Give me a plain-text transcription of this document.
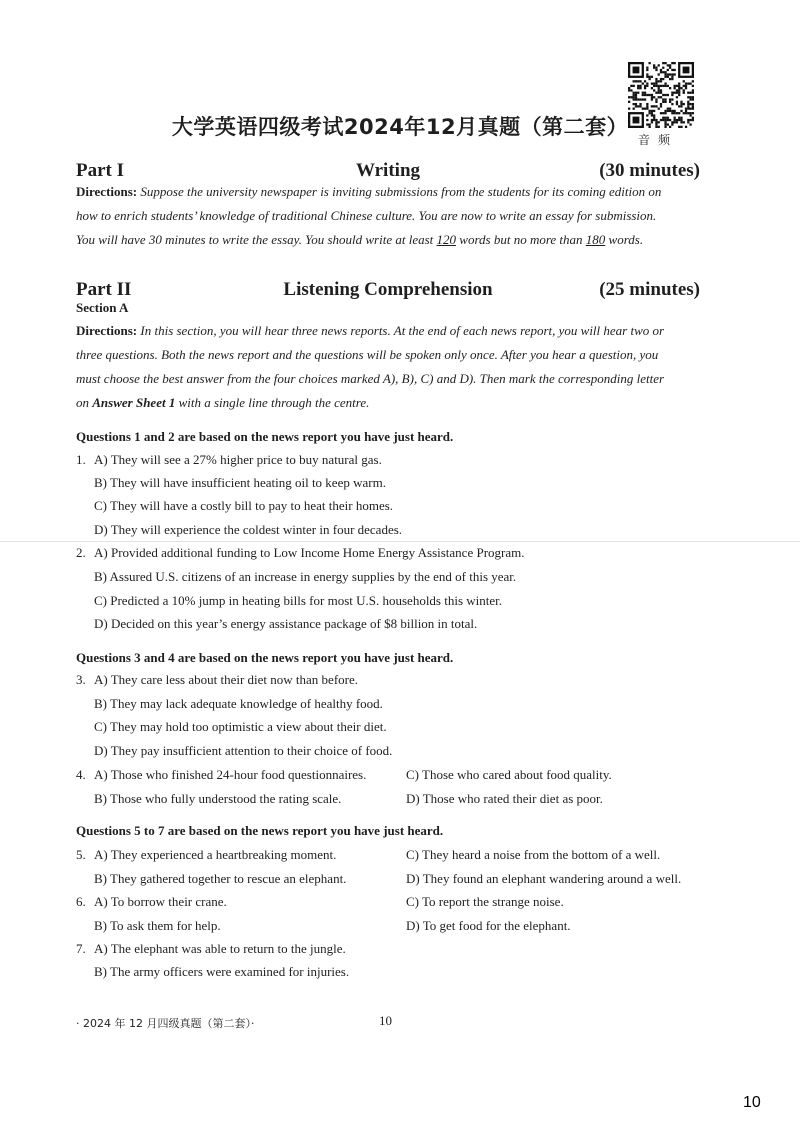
大学英语四级考试2024年12月真题（第二套）
音频
Writing
Part I	(30 minutes)
Directions: Suppose the university newspaper is inviting submissions from the students for its coming edition on
how to enrich students’ knowledge of traditional Chinese culture. You are now to write an essay for submission.
You will have 30 minutes to write the essay. You should write at least 120 words but no more than 180 words.
Listening Comprehension
Part II	(25 minutes)
Section A
Directions: In this section, you will hear three news reports. At the end of each news report, you will hear two or
three questions. Both the news report and the questions will be spoken only once. After you hear a question, you
must choose the best answer from the four choices marked A), B), C) and D). Then mark the corresponding letter
on Answer Sheet 1 with a single line through the centre.
Questions 1 and 2 are based on the news report you have just heard.
1. A) They will see a 27% higher price to buy natural gas.
B) They will have insufficient heating oil to keep warm.
C) They will have a costly bill to pay to heat their homes.
D) They will experience the coldest winter in four decades.
2. A) Provided additional funding to Low Income Home Energy Assistance Program.
B) Assured U.S. citizens of an increase in energy supplies by the end of this year.
C) Predicted a 10% jump in heating bills for most U.S. households this winter.
D) Decided on this year’s energy assistance package of $8 billion in total.
Questions 3 and 4 are based on the news report you have just heard.
3. A) They care less about their diet now than before.
B) They may lack adequate knowledge of healthy food.
C) They may hold too optimistic a view about their diet.
D) They pay insufficient attention to their choice of food.
4. A) Those who finished 24-hour food questionnaires.
B) Those who fully understood the rating scale.
C) Those who cared about food quality.
D) Those who rated their diet as poor.
Questions 5 to 7 are based on the news report you have just heard.
5. A) They experienced a heartbreaking moment.
B) They gathered together to rescue an elephant.
C) They heard a noise from the bottom of a well.
D) They found an elephant wandering around a well.
6. A) To borrow their crane.
B) To ask them for help.
C) To report the strange noise.
D) To get food for the elephant.
7. A) The elephant was able to return to the jungle.
B) The army officers were examined for injuries.
· 2024 年 12 月四级真题（第二套）·	10
10
